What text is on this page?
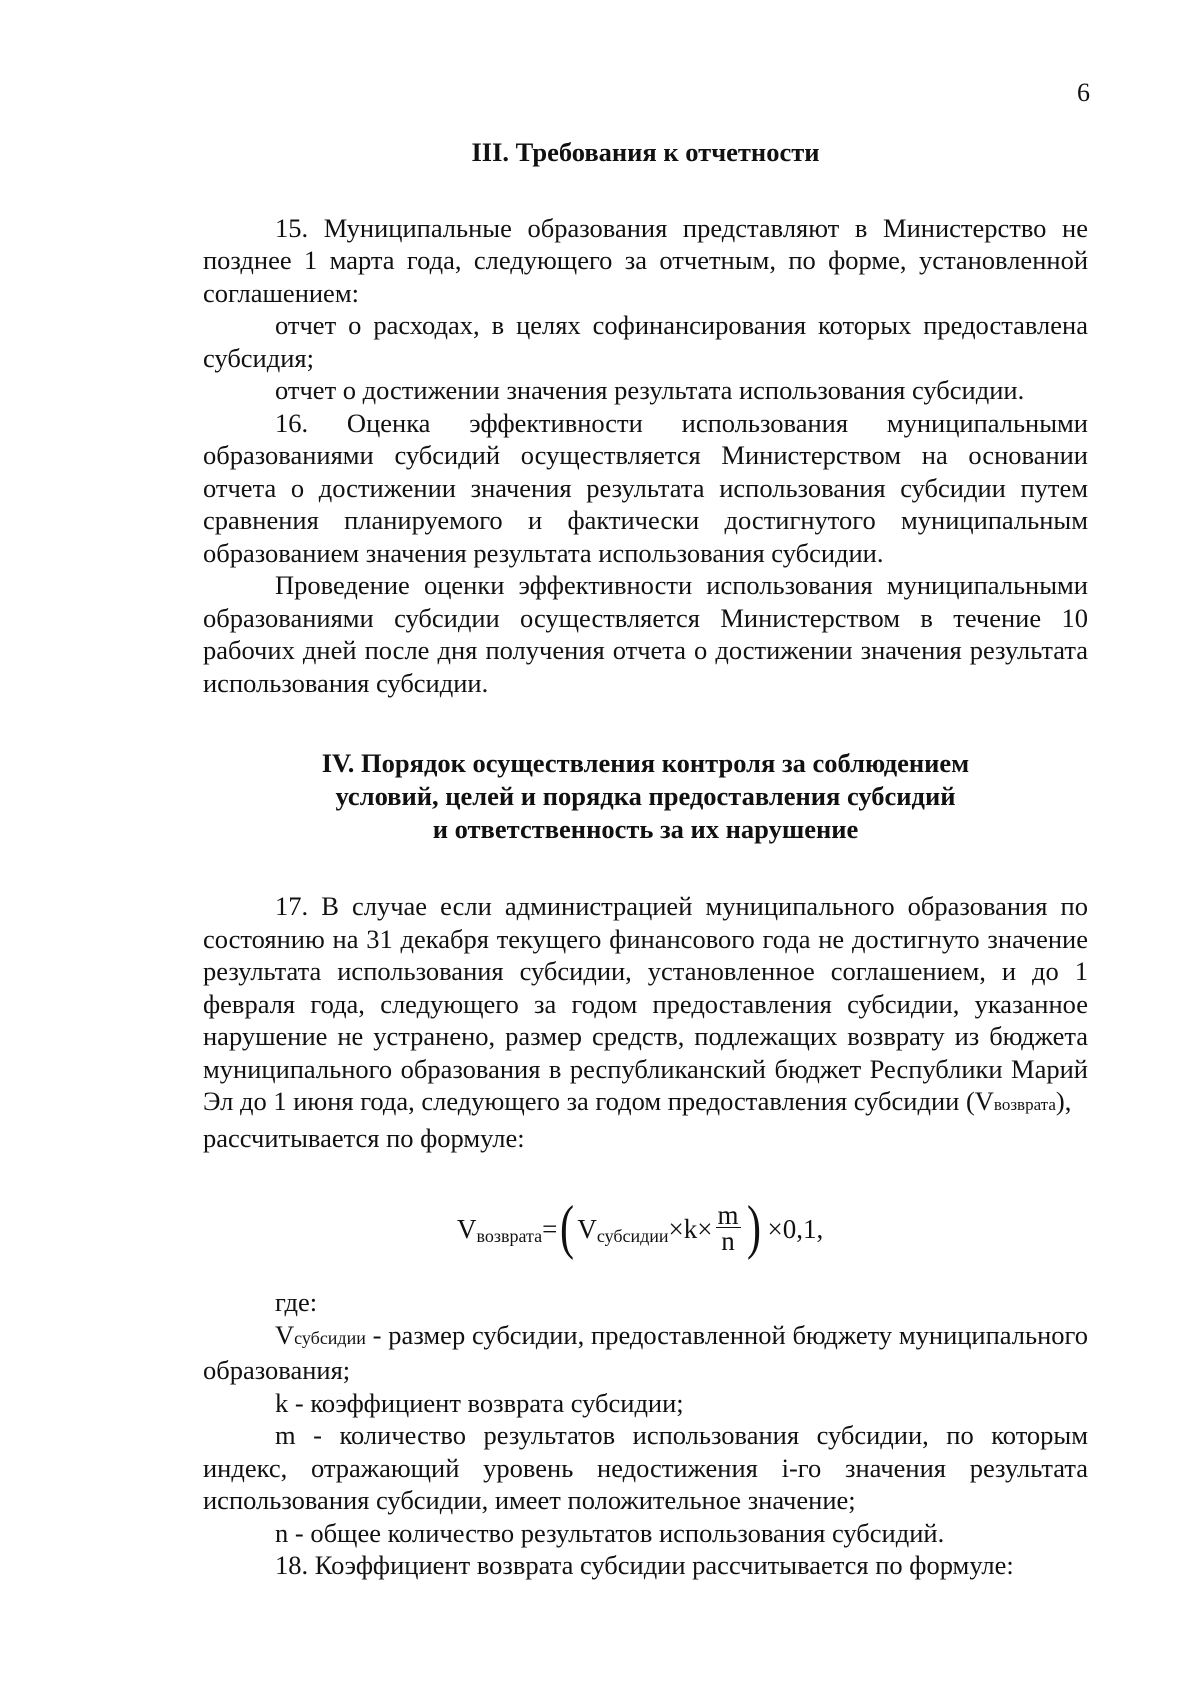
6
III. Требования к отчетности

15. Муниципальные образования представляют в Министерство не позднее 1 марта года, следующего за отчетным, по форме, установленной соглашением:

отчет о расходах, в целях софинансирования которых предоставлена субсидия;

отчет о достижении значения результата использования субсидии.

16. Оценка эффективности использования муниципальными образованиями субсидий осуществляется Министерством на основании отчета о достижении значения результата использования субсидии путем сравнения планируемого и фактически достигнутого муниципальным образованием значения результата использования субсидии.

Проведение оценки эффективности использования муниципальными образованиями субсидии осуществляется Министерством в течение 10 рабочих дней после дня получения отчета о достижении значения результата использования субсидии.

IV. Порядок осуществления контроля за соблюдением
условий, целей и порядка предоставления субсидий
и ответственность за их нарушение

17. В случае если администрацией муниципального образования по состоянию на 31 декабря текущего финансового года не достигнуто значение результата использования субсидии, установленное соглашением, и до 1 февраля года, следующего за годом предоставления субсидии, указанное нарушение не устранено, размер средств, подлежащих возврату из бюджета муниципального образования в республиканский бюджет Республики Марий Эл до 1 июня года, следующего за годом предоставления субсидии (Vвозврата),

рассчитывается по формуле:

V возврата = ( V субсидии $\times k\times \frac{m}{n}$ ) ×0,1,

где:

Vсубсидии - размер субсидии, предоставленной бюджету муниципального образования;

k - коэффициент возврата субсидии;

m - количество результатов использования субсидии, по которым индекс, отражающий уровень недостижения i-го значения результата использования субсидии, имеет положительное значение;

n - общее количество результатов использования субсидий.

18. Коэффициент возврата субсидии рассчитывается по формуле:
